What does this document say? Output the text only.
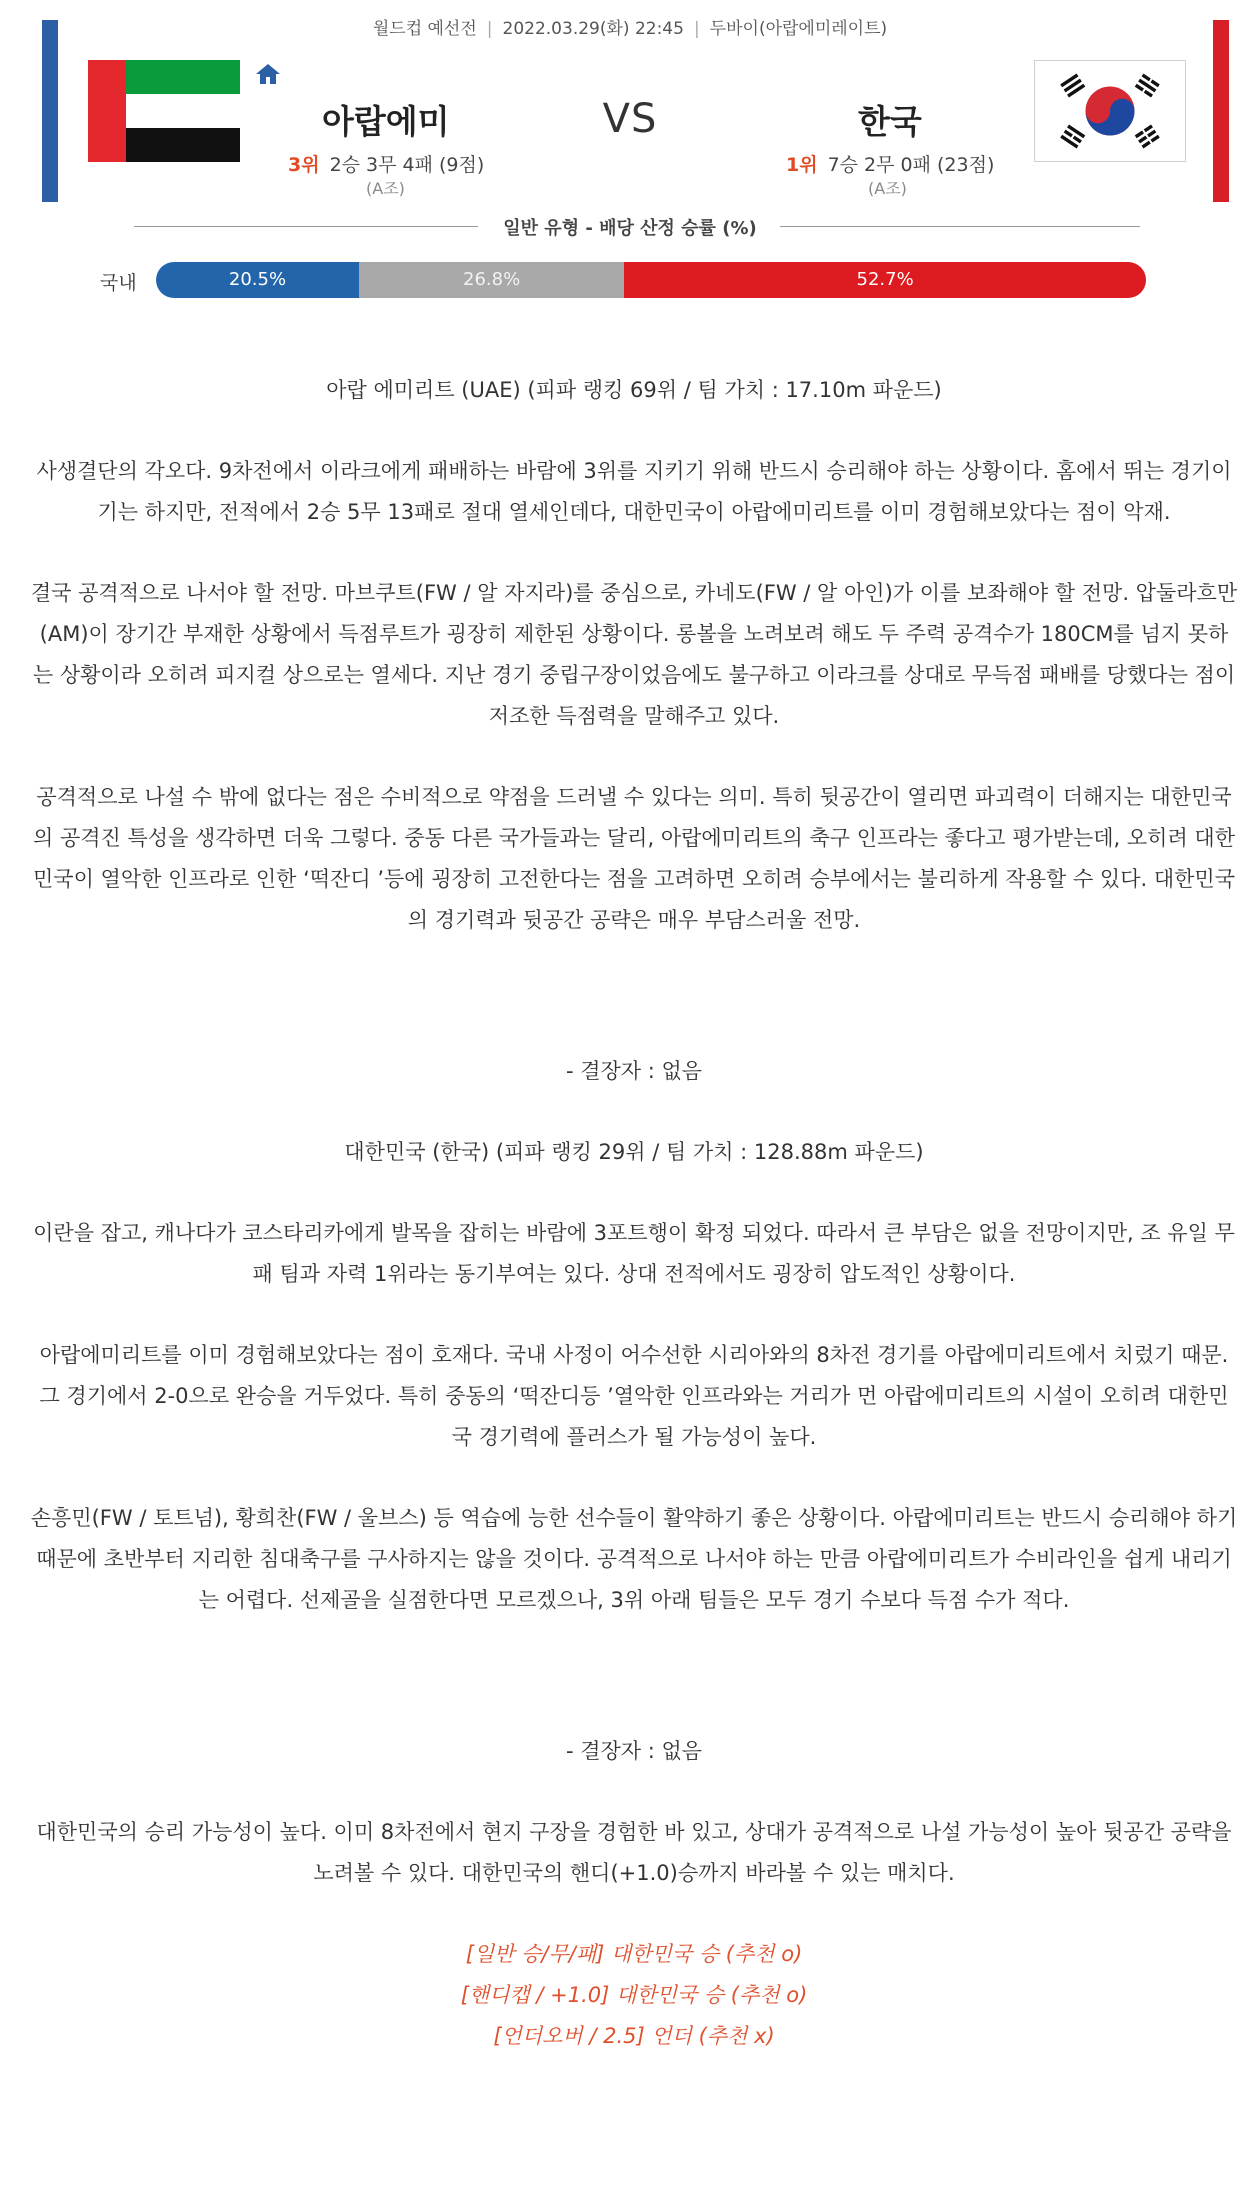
월드컵 예선전 | 2022.03.29(화) 22:45 | 두바이(아랍에미레이트)
아랍에미	VS	한국
3위 2승 3무 4패 (9점)
(A조)
1위 7승 2무 0패 (23점)
(A조)
일반 유형 - 배당 산정 승률 (%)
국내	20.5%	26.8%	52.7%

아랍 에미리트 (UAE) (피파 랭킹 69위 / 팀 가치 : 17.10m 파운드)

사생결단의 각오다. 9차전에서 이라크에게 패배하는 바람에 3위를 지키기 위해 반드시 승리해야 하는 상황이다. 홈에서 뛰는 경기이기는 하지만, 전적에서 2승 5무 13패로 절대 열세인데다, 대한민국이 아랍에미리트를 이미 경험해보았다는 점이 악재.

결국 공격적으로 나서야 할 전망. 마브쿠트(FW / 알 자지라)를 중심으로, 카네도(FW / 알 아인)가 이를 보좌해야 할 전망. 압둘라흐만(AM)이 장기간 부재한 상황에서 득점루트가 굉장히 제한된 상황이다. 롱볼을 노려보려 해도 두 주력 공격수가 180CM를 넘지 못하는 상황이라 오히려 피지컬 상으로는 열세다. 지난 경기 중립구장이었음에도 불구하고 이라크를 상대로 무득점 패배를 당했다는 점이 저조한 득점력을 말해주고 있다.

공격적으로 나설 수 밖에 없다는 점은 수비적으로 약점을 드러낼 수 있다는 의미. 특히 뒷공간이 열리면 파괴력이 더해지는 대한민국의 공격진 특성을 생각하면 더욱 그렇다. 중동 다른 국가들과는 달리, 아랍에미리트의 축구 인프라는 좋다고 평가받는데, 오히려 대한민국이 열악한 인프라로 인한 ‘떡잔디 ’등에 굉장히 고전한다는 점을 고려하면 오히려 승부에서는 불리하게 작용할 수 있다. 대한민국의 경기력과 뒷공간 공략은 매우 부담스러울 전망.

- 결장자 : 없음

대한민국 (한국) (피파 랭킹 29위 / 팀 가치 : 128.88m 파운드)

이란을 잡고, 캐나다가 코스타리카에게 발목을 잡히는 바람에 3포트행이 확정 되었다. 따라서 큰 부담은 없을 전망이지만, 조 유일 무패 팀과 자력 1위라는 동기부여는 있다. 상대 전적에서도 굉장히 압도적인 상황이다.

아랍에미리트를 이미 경험해보았다는 점이 호재다. 국내 사정이 어수선한 시리아와의 8차전 경기를 아랍에미리트에서 치렀기 때문. 그 경기에서 2-0으로 완승을 거두었다. 특히 중동의 ‘떡잔디등 ’열악한 인프라와는 거리가 먼 아랍에미리트의 시설이 오히려 대한민국 경기력에 플러스가 될 가능성이 높다.

손흥민(FW / 토트넘), 황희찬(FW / 울브스) 등 역습에 능한 선수들이 활약하기 좋은 상황이다. 아랍에미리트는 반드시 승리해야 하기 때문에 초반부터 지리한 침대축구를 구사하지는 않을 것이다. 공격적으로 나서야 하는 만큼 아랍에미리트가 수비라인을 쉽게 내리기는 어렵다. 선제골을 실점한다면 모르겠으나, 3위 아래 팀들은 모두 경기 수보다 득점 수가 적다.

- 결장자 : 없음

대한민국의 승리 가능성이 높다. 이미 8차전에서 현지 구장을 경험한 바 있고, 상대가 공격적으로 나설 가능성이 높아 뒷공간 공략을 노려볼 수 있다. 대한민국의 핸디(+1.0)승까지 바라볼 수 있는 매치다.

[일반 승/무/패] 대한민국 승 (추천 o)

[핸디캡 / +1.0] 대한민국 승 (추천 o)

[언더오버 / 2.5] 언더 (추천 x)
